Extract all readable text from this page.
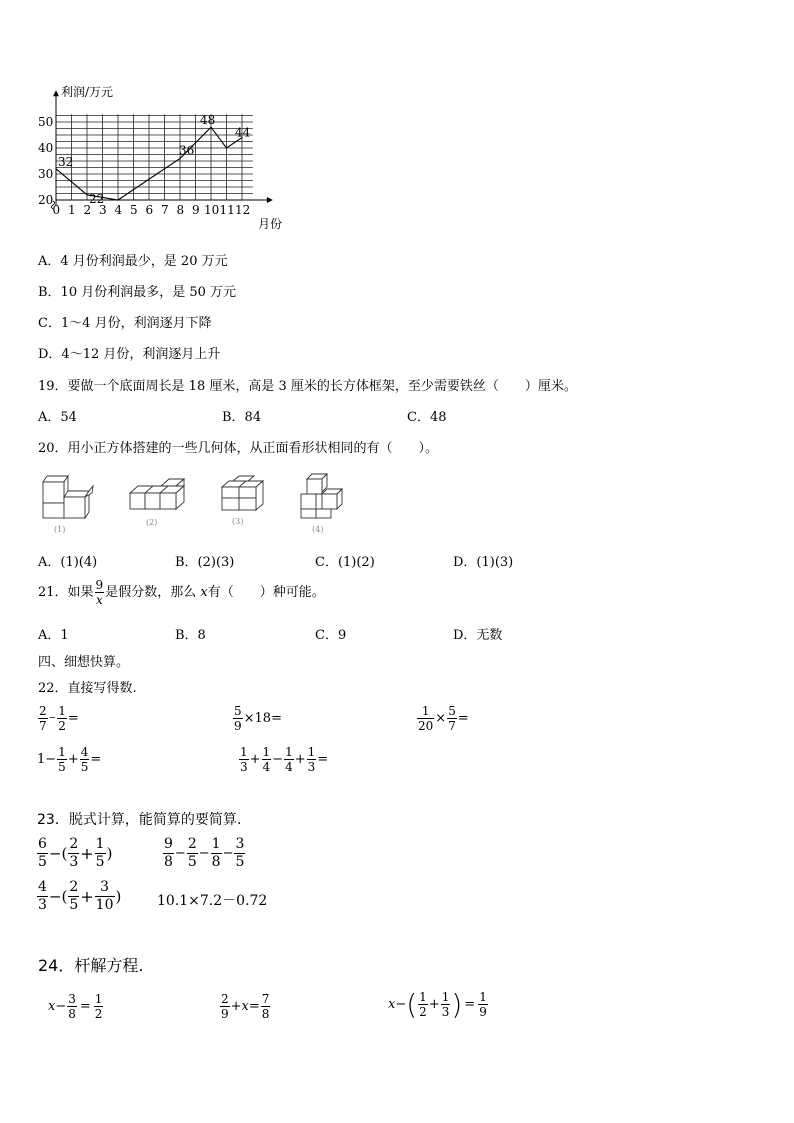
20
30
40
50
0 1 2 3 4 5 6 7 8 9 10 11 12
32
22
36
48
44
利润/万元
月份
A．4 月份利润最少，是 20 万元
B．10 月份利润最多，是 50 万元
C．1～4 月份，利润逐月下降
D．4～12 月份，利润逐月上升
19．要做一个底面周长是 18 厘米，高是 3 厘米的长方体框架，至少需要铁丝（　　）厘米。
A．54	B．84	C．48
20．用小正方体搭建的一些几何体，从正面看形状相同的有（　　）。
(1)
(2)	(3)
(4)
A．(1)(4)	B．(2)(3)	C．(1)(2)	D．(1)(3)
21．如果 $\frac{9}{x}$ 是假分数，那么 x有（　　）种可能。
A．1	B．8	C．9	D．无数
四、细想快算。
22．直接写得数.
$\frac{2}{7} - \frac{1}{2}$ =	$\frac{5}{9} \times 18=$	$\frac{1}{20} \times \frac{5}{7}$ =
$1- \frac{1}{5} + \frac{4}{5}$ =	$\frac{1}{3} + \frac{1}{4} - \frac{1}{4} + \frac{1}{3}$ =
23．脱式计算，能简算的要简算.
$\frac{6}{5}$ −( $\frac{2}{3} + \frac{1}{5}$ )	$\frac{9}{8} - \frac{2}{5} - \frac{1}{8} - \frac{3}{5}$
$\frac{4}{3}$ −( $\frac{2}{5} + \frac{3}{10}$ )	10.1×7.2－0.72
24．杆解方程.
$x- \frac{3}{8} = \frac{1}{2}$	$\frac{2}{9} +x= \frac{7}{8}$	$x-( \frac{1}{2} + \frac{1}{3}$ ) = $\frac{1}{9}$
